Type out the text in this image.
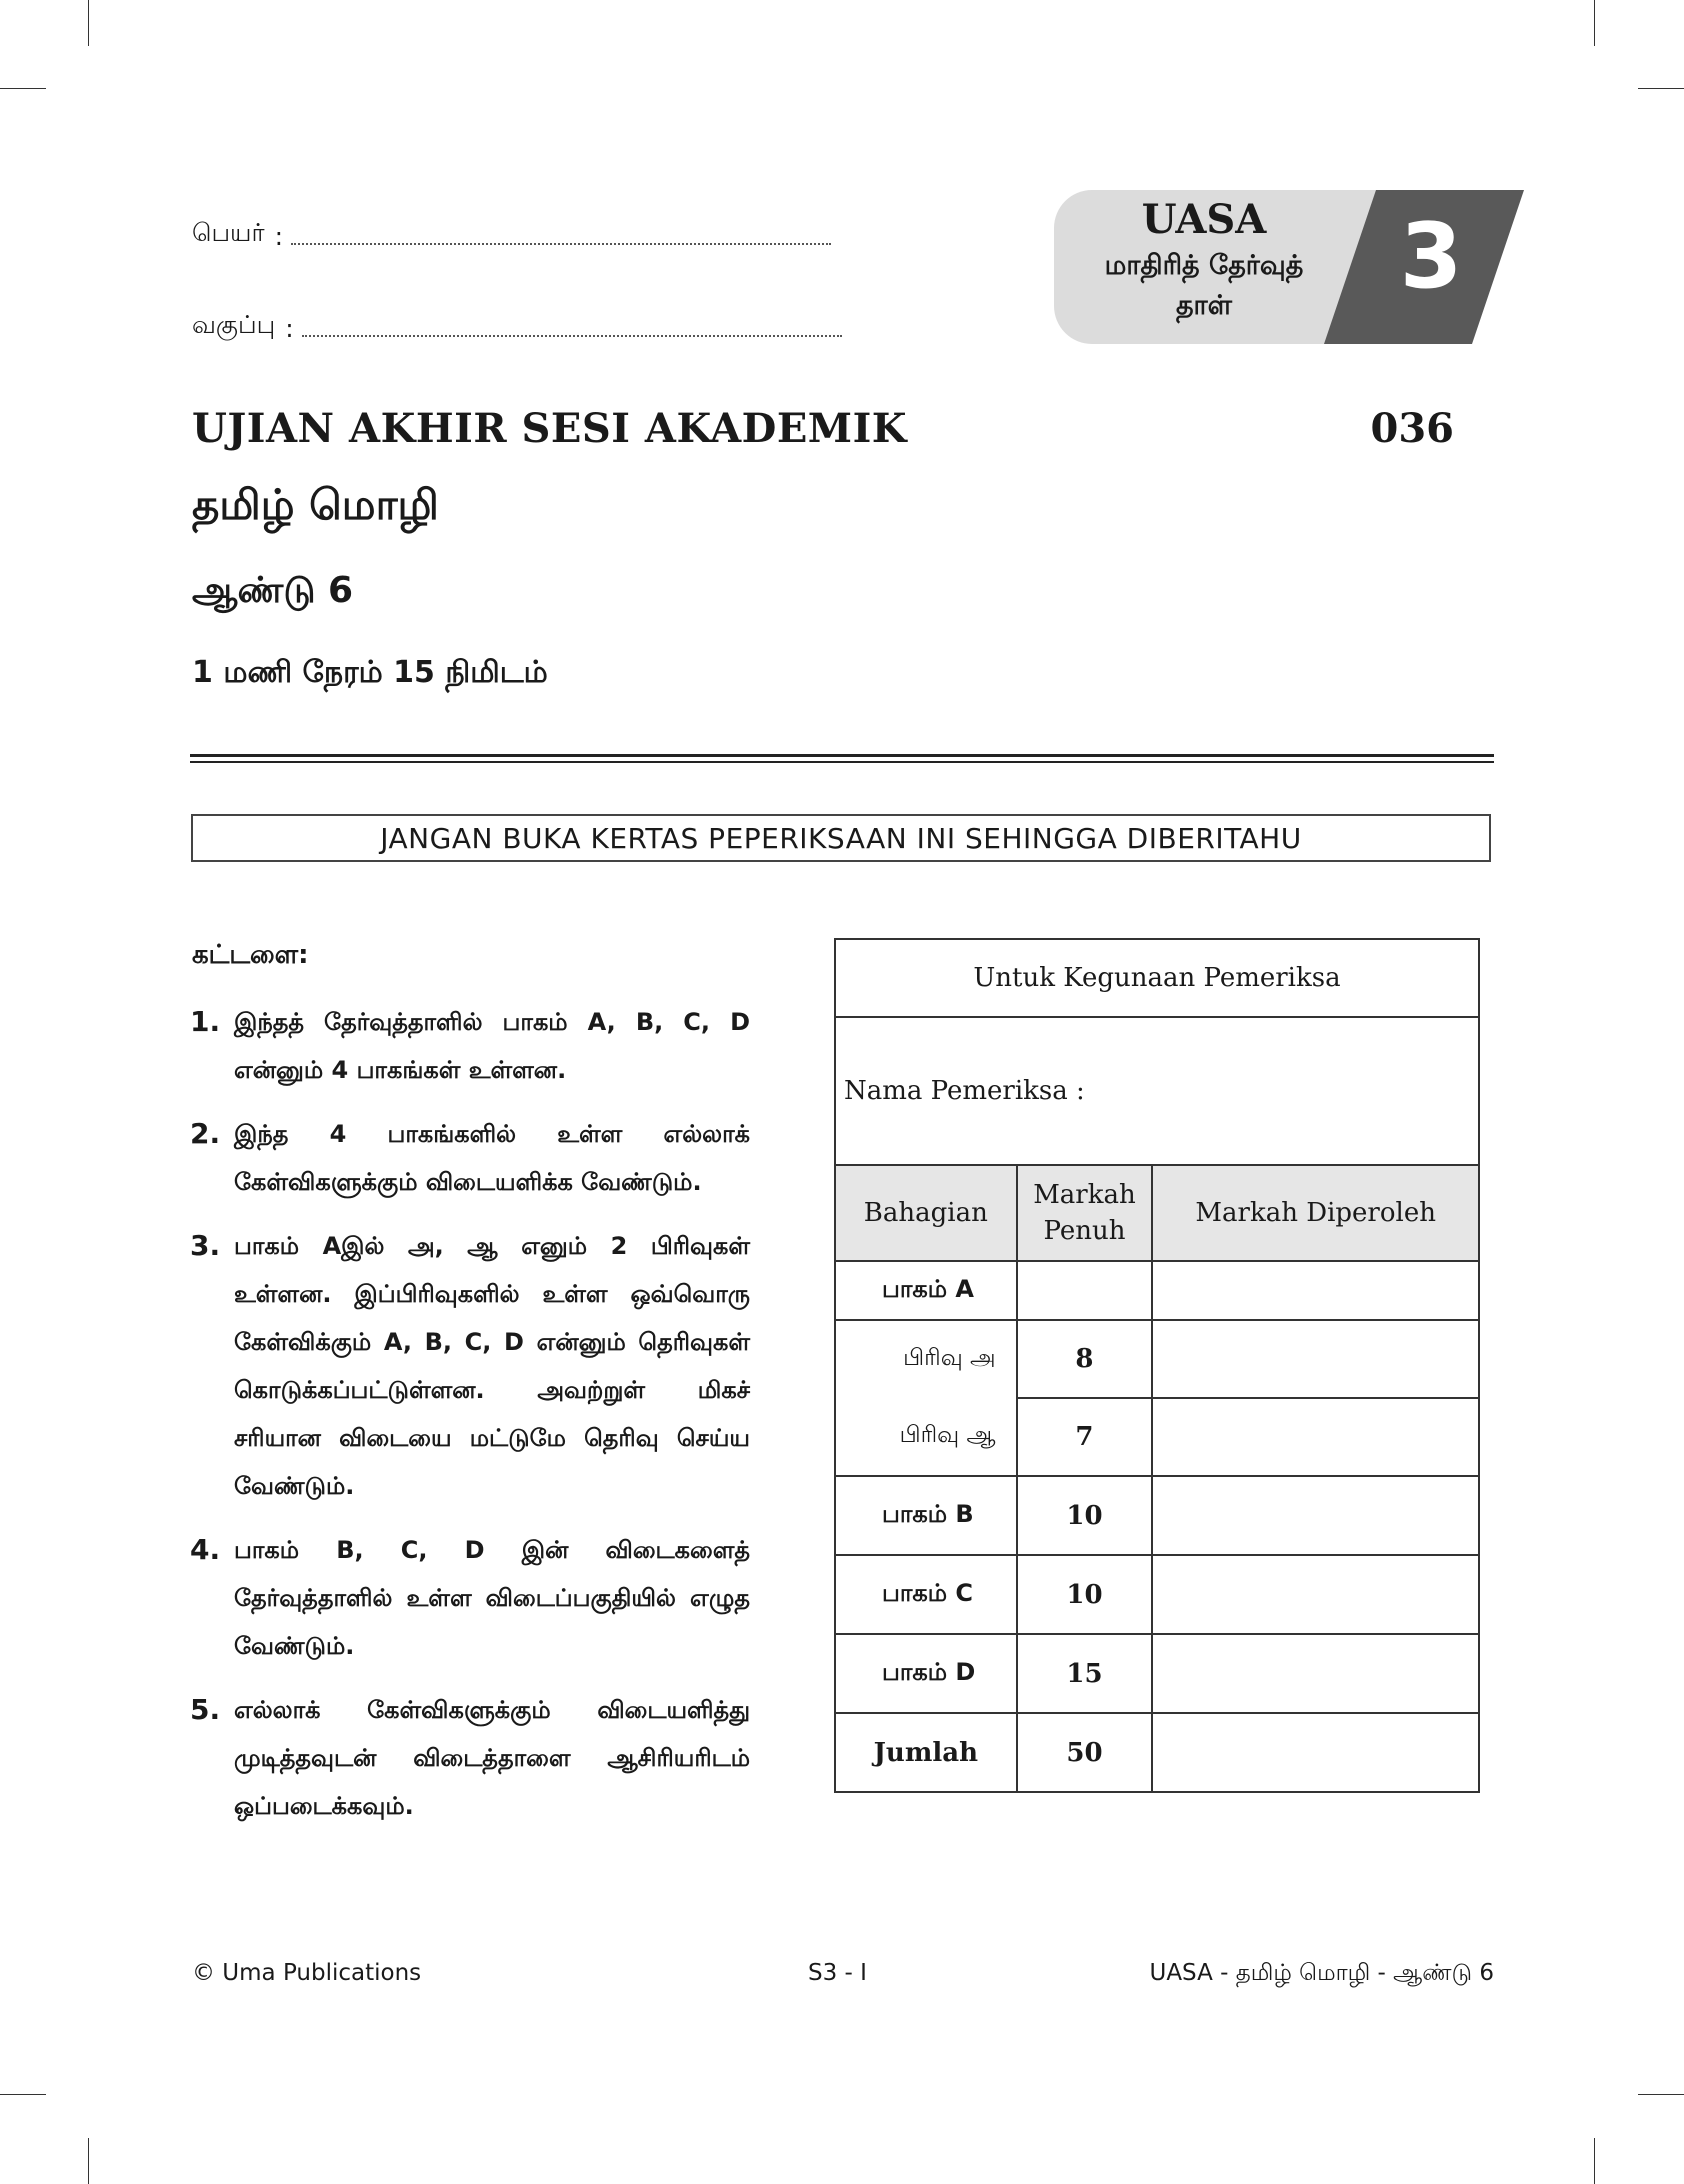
பெயர் :
வகுப்பு :
UASA
மாதிரித் தேர்வுத்
தாள்	3
UJIAN AKHIR SESI AKADEMIK	036
தமிழ் மொழி
ஆண்டு 6
1 மணி நேரம் 15 நிமிடம்
JANGAN BUKA KERTAS PEPERIKSAAN INI SEHINGGA DIBERITAHU
கட்டளை:
1. இந்தத் தேர்வுத்தாளில் பாகம் A, B, C, D என்னும் 4 பாகங்கள் உள்ளன.
2. இந்த 4 பாகங்களில் உள்ள எல்லாக் கேள்விகளுக்கும் விடையளிக்க வேண்டும்.
3. பாகம் Aஇல் அ, ஆ எனும் 2 பிரிவுகள் உள்ளன. இப்பிரிவுகளில் உள்ள ஒவ்வொரு கேள்விக்கும் A, B, C, D என்னும் தெரிவுகள் கொடுக்கப்பட்டுள்ளன. அவற்றுள் மிகச் சரியான விடையை மட்டுமே தெரிவு செய்ய வேண்டும்.
4. பாகம் B, C, D இன் விடைகளைத் தேர்வுத்தாளில் உள்ள விடைப்பகுதியில் எழுத வேண்டும்.
5. எல்லாக் கேள்விகளுக்கும் விடையளித்து முடித்தவுடன் விடைத்தாளை ஆசிரியரிடம் ஒப்படைக்கவும்.
Untuk Kegunaan Pemeriksa		
Nama Pemeriksa :		
Bahagian	Markah Penuh	Markah Diperoleh
பாகம் A		
பிரிவு அ	8	
பிரிவு ஆ	7	
பாகம் B	10	
பாகம் C	10	
பாகம் D	15	
Jumlah	50	
© Uma Publications	S3 - I	UASA - தமிழ் மொழி - ஆண்டு 6
